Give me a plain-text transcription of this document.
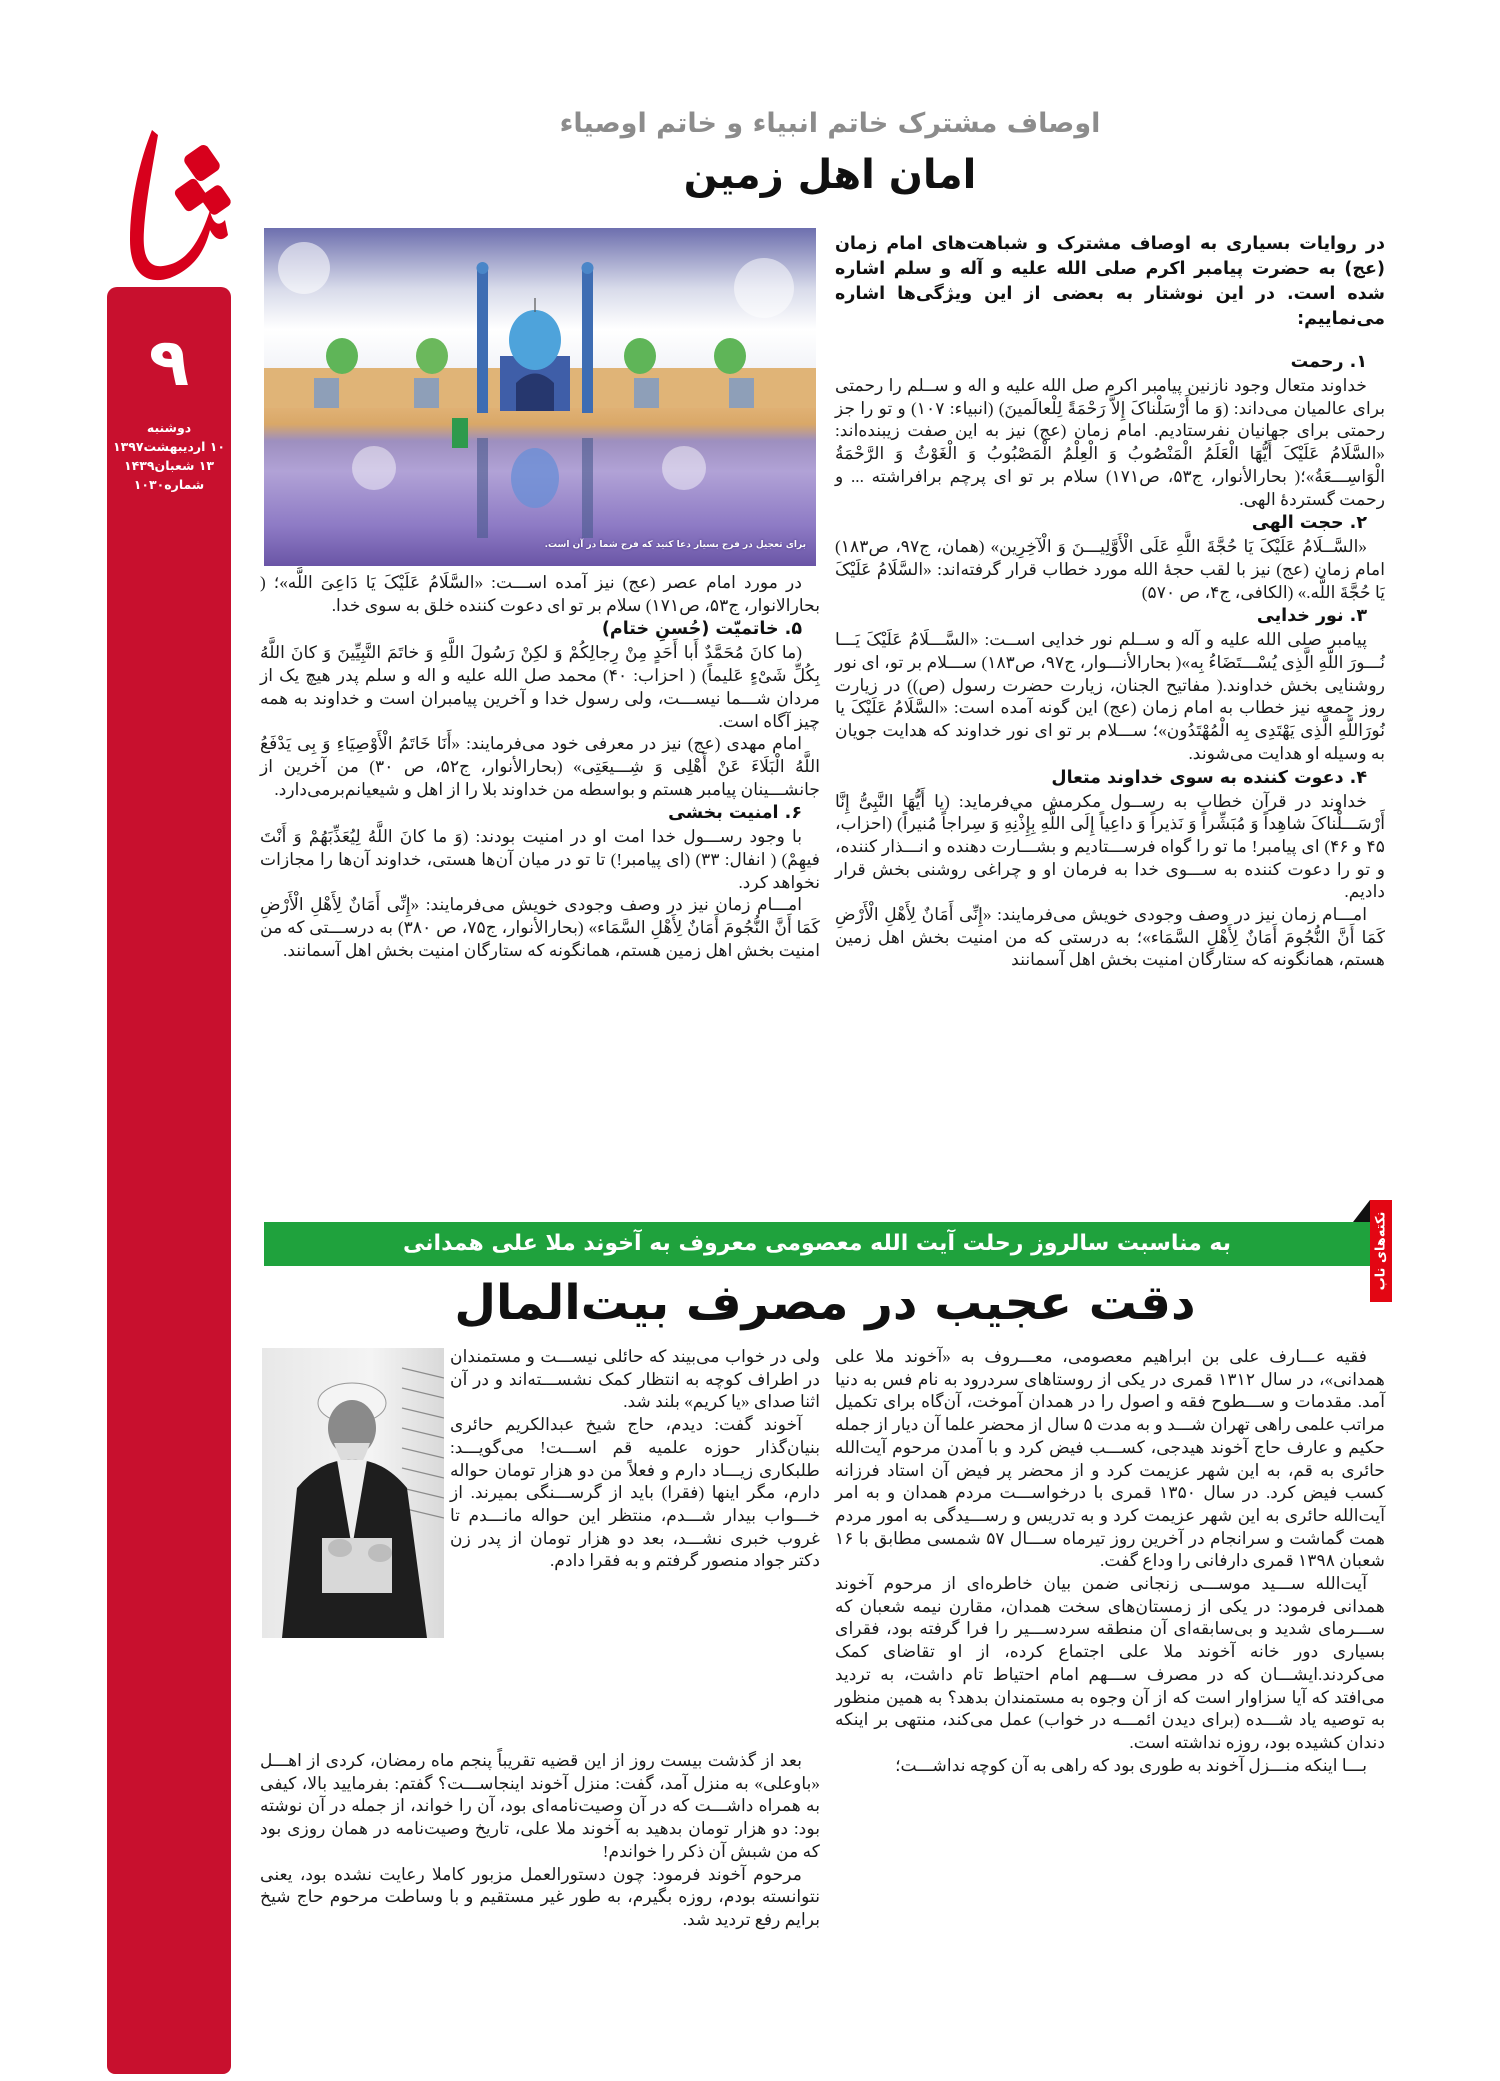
۹
دوشنبه
۱۰ اردیبهشت۱۳۹۷
۱۳ شعبان۱۴۳۹
شماره۱۰۳۰
اوصاف مشترک خاتم انبیاء و خاتم اوصیاء
امان اهل زمین

در روایات بسیاری به اوصاف مشترک و شباهت‌های امام زمان (عج) به حضرت پیامبر اکرم صلی الله علیه و آله و سلم اشاره شده است. در این نوشتار به بعضی از این ویژگی‌ها اشاره می‌نماییم:

برای تعجیل در فرج بسیار دعا کنید که فرج شما در آن است.
۱. رحمت

خداوند متعال وجود نازنین پیامبر اکرم صل الله علیه و اله و ســلم را رحمتی برای عالمیان می‌داند: (وَ ما أَرْسَلْناکَ إِلاَّ رَحْمَةً لِلْعالَمینَ) (انبیاء: ۱۰۷) و تو را جز رحمتی برای جهانیان نفرستادیم. امام زمان (عج) نیز به این صفت زیبنده‌اند: «السَّلَامُ عَلَیْکَ أَیُّهَا الْعَلَمُ الْمَنْصُوبُ وَ الْعِلْمُ الْمَصْبُوبُ وَ الْغَوْثُ وَ الرَّحْمَةُ الْوَاسِـــعَةُ»؛( بحارالأنوار، ج۵۳، ص۱۷۱) سلام بر تو ای پرچم برافراشته ... و رحمت گستردۀ الهی.

۲. حجت الهی

«السَّــلَامُ عَلَیْکَ یَا حُجَّةَ اللَّهِ عَلَی الْأَوَّلِیـــنَ وَ الْآخِرِین» (همان، ج۹۷، ص۱۸۳) امام زمان (عج) نیز با لقب حجۀ الله مورد خطاب قرار گرفته‌اند: «السَّلَامُ عَلَیْکَ یَا حُجَّةَ اللَّه.» (الکافی، ج۴، ص ۵۷۰)

۳. نور خدایی

پیامبر صلی الله علیه و آله و ســلم نور خدایی اســت: «السَّـــلَامُ عَلَیْکَ یَـــا نُـــورَ اللَّهِ الَّذِی یُسْـــتَضَاءُ بِه»( بحارالأنـــوار، ج۹۷، ص۱۸۳) ســـلام بر تو، ای نور روشنایی بخش خداوند.( مفاتیح الجنان، زیارت حضرت رسول (ص)) در زیارت روز جمعه نیز خطاب به امام زمان (عج) این گونه آمده است: «السَّلَامُ عَلَیْکَ یا نُورَاللَّهِ الَّذِی یَهْتَدِی بِه الْمُهْتَدُون»؛ ســـلام بر تو ای نور خداوند که هدایت جویان به وسیله او هدایت می‌شوند.

۴. دعوت کننده به سوی خداوند متعال

خداوند در قرآن خطاب به رســول مکرمش مي‌فرماید: (یا أَیُّهَا النَّبِیُّ إِنَّا أَرْسَـــلْناکَ شاهِداً وَ مُبَشِّراً وَ نَذیراً وَ داعِیاً إِلَی اللَّهِ بِإِذْنِهِ وَ سِراجاً مُنیراً) (احزاب، ۴۵ و ۴۶) ای پیامبر! ما تو را گواه فرســـتادیم و بشـــارت دهنده و انـــذار کننده، و تو را دعوت کننده به ســـوی خدا به فرمان او و چراغی روشنی بخش قرار دادیم.

امـــام زمان نیز در وصف وجودی خویش می‌فرمایند: «إِنِّی أَمَانٌ لِأَهْلِ الْأَرْضِ کَمَا أَنَّ النُّجُومَ أَمَانٌ لِأَهْلِ السَّمَاء»؛ به درستی که من امنیت بخش اهل زمین هستم، همانگونه که ستارگان امنیت بخش اهل آسمانند

در مورد امام عصر (عج) نیز آمده اســـت: «السَّلَامُ عَلَیْکَ یَا دَاعِیَ اللَّه»؛ ( بحارالانوار، ج۵۳، ص۱۷۱) سلام بر تو ای دعوت کننده خلق به سوی خدا.

۵. خاتمیّت (حُسنِ ختام)

(ما کانَ مُحَمَّدٌ أَبا أَحَدٍ مِنْ رِجالِکُمْ وَ لکِنْ رَسُولَ اللَّهِ وَ خاتَمَ النَّبِیِّینَ وَ کانَ اللَّهُ بِکُلِّ شَیْ‏ءٍ عَلیماً) ( احزاب: ۴۰) محمد صل الله علیه و اله و سلم پدر هیچ یک از مردان شـــما نیســـت، ولی رسول خدا و آخرین پیامبران است و خداوند به همه چیز آگاه است.

امام مهدی (عج) نیز در معرفی خود می‌فرمایند: «أَنَا خَاتَمُ الْأَوْصِیَاءِ وَ بِی یَدْفَعُ اللَّهُ الْبَلَاءَ عَنْ أَهْلِی وَ شِـــیعَتِی» (بحارالأنوار، ج۵۲، ص ۳۰) من آخرین از جانشـــینان پیامبر هستم و بواسطه من خداوند بلا را از اهل و شیعیانم‌برمی‌دارد.

۶. امنیت بخشی

با وجود رســـول خدا امت او در امنیت بودند: (وَ ما کانَ اللَّهُ لِیُعَذِّبَهُمْ وَ أَنْتَ فیهِمْ) ( انفال: ۳۳) (ای پیامبر!) تا تو در میان آن‌ها هستی، خداوند آن‌ها را مجازات نخواهد کرد.

امـــام زمان نیز در وصف وجودی خویش می‌فرمایند: «إِنِّی أَمَانٌ لِأَهْلِ الْأَرْضِ کَمَا أَنَّ النُّجُومَ أَمَانٌ لِأَهْلِ السَّمَاء» (بحارالأنوار، ج۷۵، ص ۳۸۰) به درســـتی که من امنیت بخش اهل زمین هستم، همانگونه که ستارگان امنیت بخش اهل آسمانند.

نکته‌های ناب
به مناسبت سالروز رحلت آیت الله معصومی معروف به آخوند ملا علی همدانی
دقت عجیب در مصرف بیت‌المال

فقیه عـــارف علی بن ابراهیم معصومی، معـــروف به «آخوند ملا علی همدانی»، در سال ۱۳۱۲ قمری در یکی از روستاهای سردرود به نام فس به دنیا آمد. مقدمات و ســـطوح فقه و اصول را در همدان آموخت، آن‌گاه برای تکمیل مراتب علمی راهی تهران شـــد و به مدت ۵ سال از محضر علما آن دیار از جمله حکیم و عارف حاج آخوند هیدجی، کســـب فیض کرد و با آمدن مرحوم آیت‌الله حائری به قم، به این شهر عزیمت کرد و از محضر پر فیض آن استاد فرزانه کسب فیض کرد. در سال ۱۳۵۰ قمری با درخواســـت مردم همدان و به امر آیت‌الله حائری به این شهر عزیمت کرد و به تدریس و رســـیدگی به امور مردم همت گماشت و سرانجام در آخرین روز تیرماه ســـال ۵۷ شمسی مطابق با ۱۶ شعبان ۱۳۹۸ قمری دارفانی را وداع گفت.

آیت‌الله ســـید موســـی زنجانی ضمن بیان خاطره‌ای از مرحوم آخوند همدانی فرمود: در یکی از زمستان‌های سخت همدان، مقارن نیمه شعبان که ســـرمای شدید و بی‌سابقه‌ای آن منطقه سردســـیر را فرا گرفته بود، فقرای بسیاری دور خانه آخوند ملا علی اجتماع کرده، از او تقاضای کمک می‌کردند.ایشـــان که در مصرف ســـهم امام احتیاط تام داشت، به تردید می‌افتد که آیا سزاوار است که از آن وجوه به مستمندان بدهد؟ به همین منظور به توصیه یاد شـــده (برای دیدن ائمـــه در خواب) عمل می‌کند، منتهی بر اینکه دندان کشیده بود، روزه نداشته است.

بـــا اینکه منـــزل آخوند به طوری بود که راهی به آن کوچه نداشـــت؛

ولی در خواب می‌بیند که حائلی نیســـت و مستمندان در اطراف کوچه به انتظار کمک نشســـته‌اند و در آن اثنا صدای «یا کریم» بلند شد.

آخوند گفت: دیدم، حاج شیخ عبدالکریم حائری بنیان‌گذار حوزه علمیه قم اســـت! می‌گویـــد: طلبکاری زیـــاد دارم و فعلاً من دو هزار تومان حواله دارم، مگر اینها (فقرا) باید از گرســـنگی بمیرند. از خـــواب بیدار شـــدم، منتظر این حواله مانـــدم تا غروب خبری نشـــد، بعد دو هزار تومان از پدر زن دکتر جواد منصور گرفتم و به فقرا دادم.

بعد از گذشت بیست روز از این قضیه تقریباً پنجم ماه رمضان، کردی از اهـــل «باوعلی» به منزل آمد، گفت: منزل آخوند اینجاســـت؟ گفتم: بفرمایید بالا، کیفی به همراه داشـــت که در آن وصیت‌نامه‌ای بود، آن را خواند، از جمله در آن نوشته بود: دو هزار تومان بدهید به آخوند ملا علی، تاریخ وصیت‌نامه در همان روزی بود که من شبش آن ذکر را خواندم!

مرحوم آخوند فرمود: چون دستورالعمل مزبور کاملا رعایت نشده بود، یعنی نتوانسته بودم، روزه بگیرم، به طور غیر مستقیم و با وساطت مرحوم حاج شیخ برایم رفع تردید شد.
